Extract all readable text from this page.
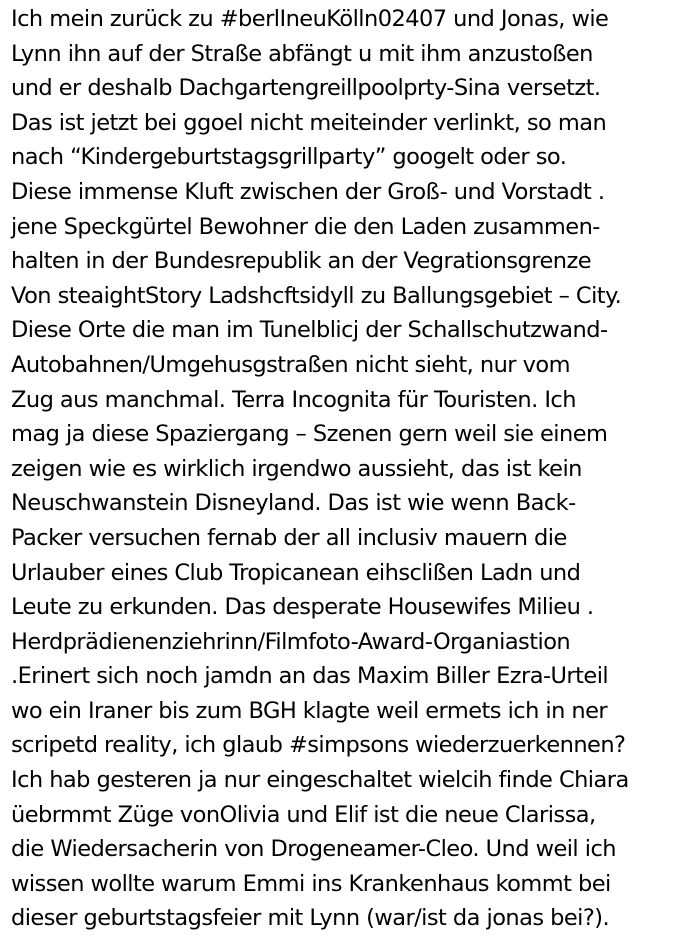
Ich mein zurück zu #berlIneuKölln02407 und Jonas, wie
Lynn ihn auf der Straße abfängt u mit ihm anzustoßen
und er deshalb Dachgartengreillpoolprty-Sina versetzt.
Das ist jetzt bei ggoel nicht meiteinder verlinkt, so man
nach “Kindergeburtstagsgrillparty” googelt oder so.
Diese immense Kluft zwischen der Groß- und Vorstadt .
jene Speckgürtel Bewohner die den Laden zusammen-
halten in der Bundesrepublik an der Vegrationsgrenze
Von steaightStory Ladshcftsidyll zu Ballungsgebiet – City.
Diese Orte die man im Tunelblicj der Schallschutzwand-
Autobahnen/Umgehusgstraßen nicht sieht, nur vom
Zug aus manchmal. Terra Incognita für Touristen. Ich
mag ja diese Spaziergang – Szenen gern weil sie einem
zeigen wie es wirklich irgendwo aussieht, das ist kein
Neuschwanstein Disneyland. Das ist wie wenn Back-
Packer versuchen fernab der all inclusiv mauern die
Urlauber eines Club Tropicanean eihsclißen Ladn und
Leute zu erkunden. Das desperate Housewifes Milieu .
Herdprädienenziehrinn/Filmfoto-Award-Organiastion
.Erinert sich noch jamdn an das Maxim Biller Ezra-Urteil
wo ein Iraner bis zum BGH klagte weil ermets ich in ner
scripetd reality, ich glaub #simpsons wiederzuerkennen?
Ich hab gesteren ja nur eingeschaltet wielcih finde Chiara
üebrmmt Züge vonOlivia und Elif ist die neue Clarissa,
die Wiedersacherin von Drogeneamer-Cleo. Und weil ich
wissen wollte warum Emmi ins Krankenhaus kommt bei
dieser geburtstagsfeier mit Lynn (war/ist da jonas bei?).
